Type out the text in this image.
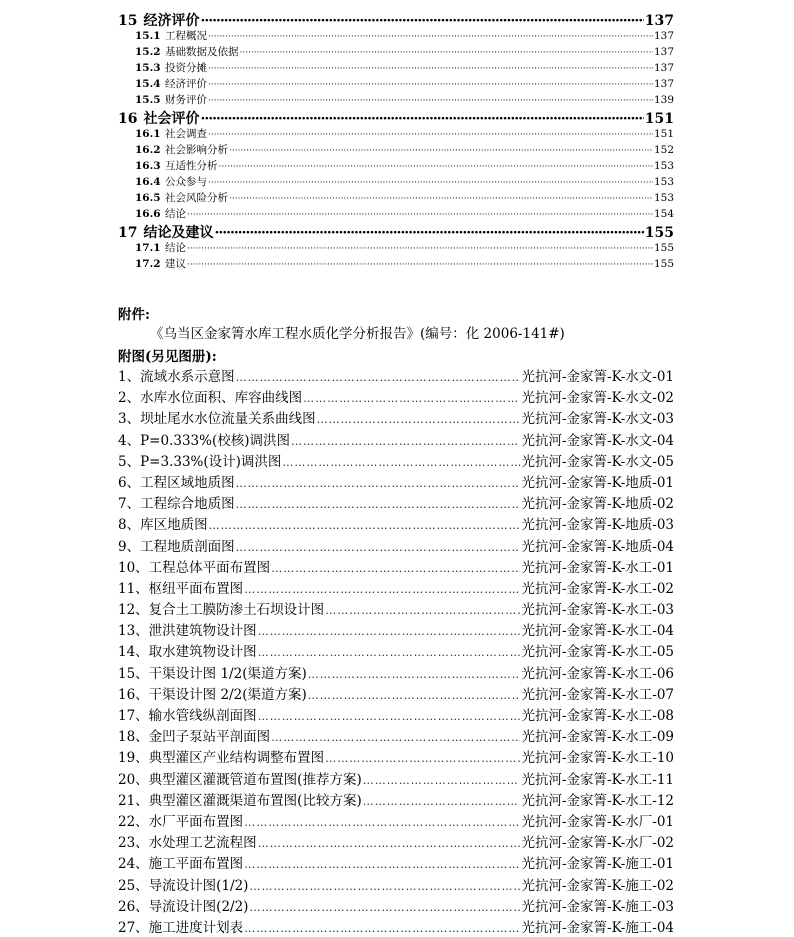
15 经济评价 ·····	137
15.1 工程概况 ·····	137
15.2 基础数据及依据 ·····	137
15.3 投资分摊 ·····	137
15.4 经济评价 ·····	137
15.5 财务评价 ·····	139
16 社会评价 ·····	151
16.1 社会调查 ·····	151
16.2 社会影响分析 ·····	152
16.3 互适性分析 ·····	153
16.4 公众参与 ·····	153
16.5 社会风险分析 ·····	153
16.6 结论 ·····	154
17 结论及建议 ·····	155
17.1 结论 ·····	155
17.2 建议 ·····	155
附件:
《乌当区金家箐水库工程水质化学分析报告》(编号：化 2006-141#)
附图(另见图册):
1、流域水系示意图 …………………………………………………………………………………………………………………………………………………………………………………………………………………………………………	光抗河-金家箐-K-水文-01
2、水库水位面积、库容曲线图 …………………………………………………………………………………………………………………………………………………………………………………………………………………………………………	光抗河-金家箐-K-水文-02
3、坝址尾水水位流量关系曲线图 …………………………………………………………………………………………………………………………………………………………………………………………………………………………………………	光抗河-金家箐-K-水文-03
4、P=0.333%(校核)调洪图 …………………………………………………………………………………………………………………………………………………………………………………………………………………………………………	光抗河-金家箐-K-水文-04
5、P=3.33%(设计)调洪图 …………………………………………………………………………………………………………………………………………………………………………………………………………………………………………	光抗河-金家箐-K-水文-05
6、工程区域地质图 …………………………………………………………………………………………………………………………………………………………………………………………………………………………………………	光抗河-金家箐-K-地质-01
7、工程综合地质图 …………………………………………………………………………………………………………………………………………………………………………………………………………………………………………	光抗河-金家箐-K-地质-02
8、库区地质图 …………………………………………………………………………………………………………………………………………………………………………………………………………………………………………	光抗河-金家箐-K-地质-03
9、工程地质剖面图 …………………………………………………………………………………………………………………………………………………………………………………………………………………………………………	光抗河-金家箐-K-地质-04
10、工程总体平面布置图 …………………………………………………………………………………………………………………………………………………………………………………………………………………………………………	光抗河-金家箐-K-水工-01
11、枢纽平面布置图 …………………………………………………………………………………………………………………………………………………………………………………………………………………………………………	光抗河-金家箐-K-水工-02
12、复合土工膜防渗土石坝设计图 …………………………………………………………………………………………………………………………………………………………………………………………………………………………………………	光抗河-金家箐-K-水工-03
13、泄洪建筑物设计图 …………………………………………………………………………………………………………………………………………………………………………………………………………………………………………	光抗河-金家箐-K-水工-04
14、取水建筑物设计图 …………………………………………………………………………………………………………………………………………………………………………………………………………………………………………	光抗河-金家箐-K-水工-05
15、干渠设计图 1/2(渠道方案) …………………………………………………………………………………………………………………………………………………………………………………………………………………………………………	光抗河-金家箐-K-水工-06
16、干渠设计图 2/2(渠道方案) …………………………………………………………………………………………………………………………………………………………………………………………………………………………………………	光抗河-金家箐-K-水工-07
17、输水管线纵剖面图 …………………………………………………………………………………………………………………………………………………………………………………………………………………………………………	光抗河-金家箐-K-水工-08
18、金凹子泵站平剖面图 …………………………………………………………………………………………………………………………………………………………………………………………………………………………………………	光抗河-金家箐-K-水工-09
19、典型灌区产业结构调整布置图 …………………………………………………………………………………………………………………………………………………………………………………………………………………………………………	光抗河-金家箐-K-水工-10
20、典型灌区灌溉管道布置图(推荐方案) …………………………………………………………………………………………………………………………………………………………………………………………………………………………………………	光抗河-金家箐-K-水工-11
21、典型灌区灌溉渠道布置图(比较方案) …………………………………………………………………………………………………………………………………………………………………………………………………………………………………………	光抗河-金家箐-K-水工-12
22、水厂平面布置图 …………………………………………………………………………………………………………………………………………………………………………………………………………………………………………	光抗河-金家箐-K-水厂-01
23、水处理工艺流程图 …………………………………………………………………………………………………………………………………………………………………………………………………………………………………………	光抗河-金家箐-K-水厂-02
24、施工平面布置图 …………………………………………………………………………………………………………………………………………………………………………………………………………………………………………	光抗河-金家箐-K-施工-01
25、导流设计图(1/2) …………………………………………………………………………………………………………………………………………………………………………………………………………………………………………	光抗河-金家箐-K-施工-02
26、导流设计图(2/2) …………………………………………………………………………………………………………………………………………………………………………………………………………………………………………	光抗河-金家箐-K-施工-03
27、施工进度计划表 …………………………………………………………………………………………………………………………………………………………………………………………………………………………………………	光抗河-金家箐-K-施工-04
